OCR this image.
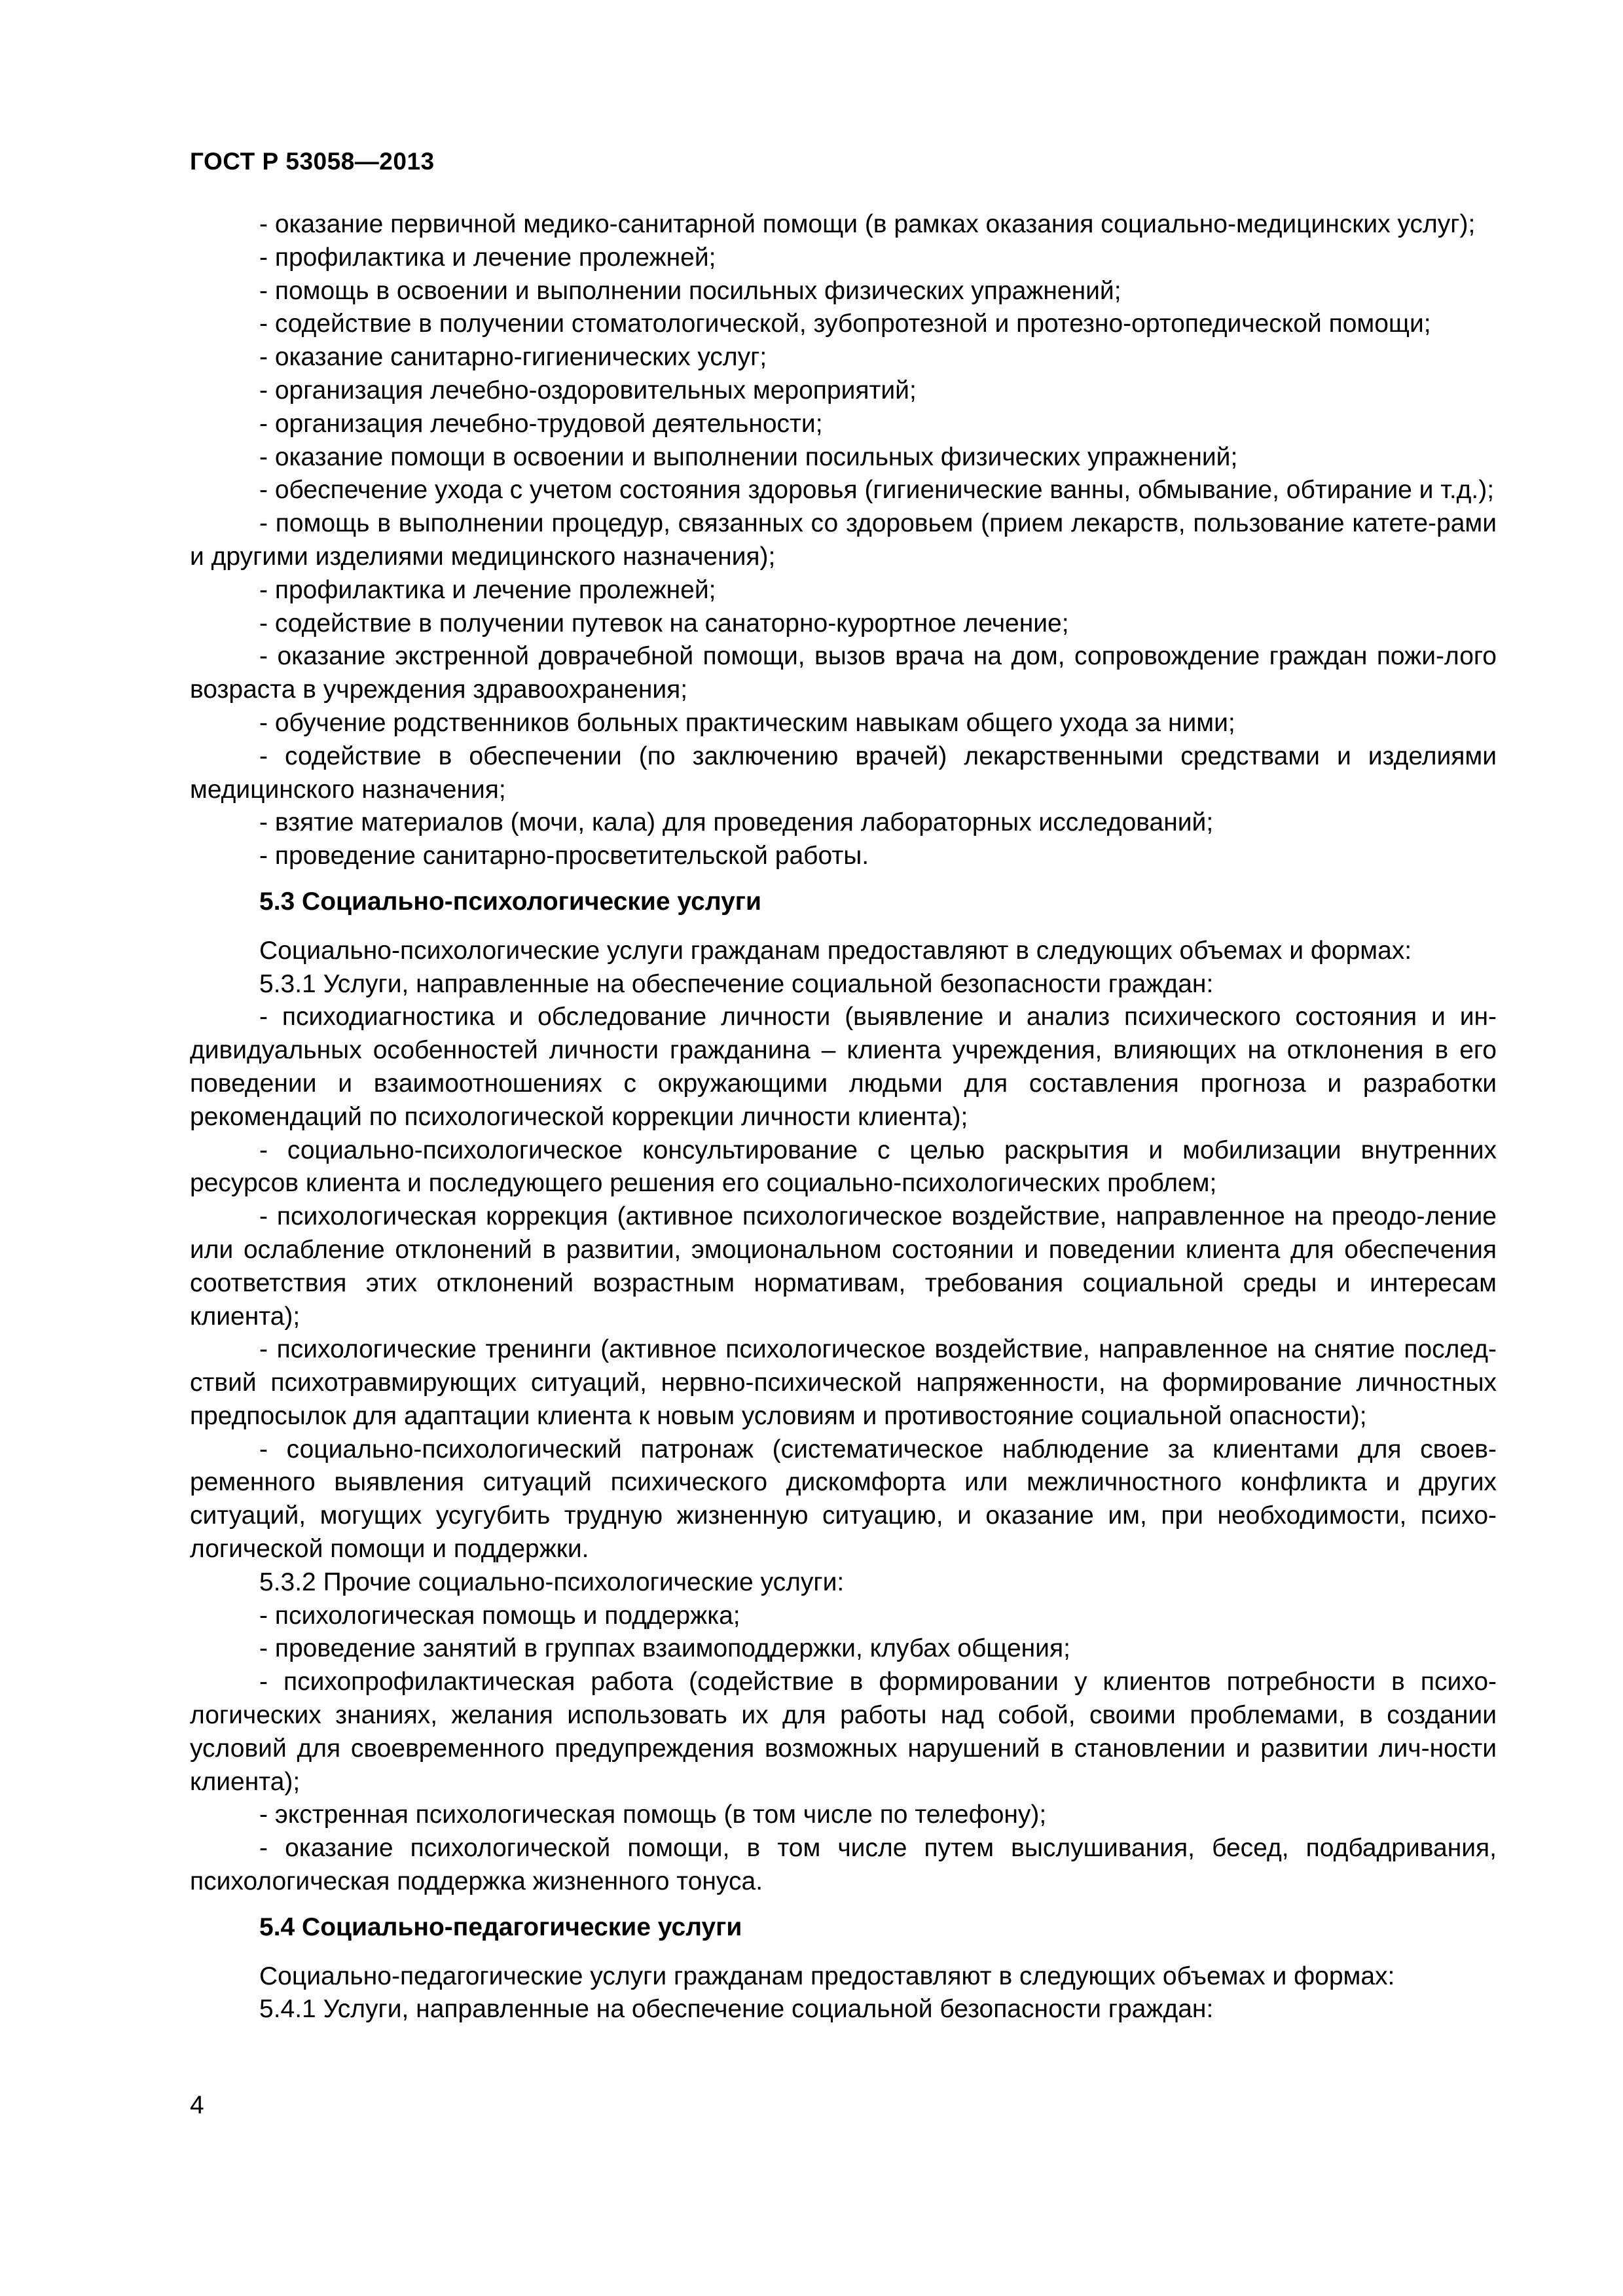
ГОСТ Р 53058—2013

- оказание первичной медико-санитарной помощи (в рамках оказания социально-медицинских услуг);

- профилактика и лечение пролежней;

- помощь в освоении и выполнении посильных физических упражнений;

- содействие в получении стоматологической, зубопротезной и протезно-ортопедической помощи;

- оказание санитарно-гигиенических услуг;

- организация лечебно-оздоровительных мероприятий;

- организация лечебно-трудовой деятельности;

- оказание помощи в освоении и выполнении посильных физических упражнений;

- обеспечение ухода с учетом состояния здоровья (гигиенические ванны, обмывание, обтирание и т.д.);

- помощь в выполнении процедур, связанных со здоровьем (прием лекарств, пользование катете-рами и другими изделиями медицинского назначения);

- профилактика и лечение пролежней;

- содействие в получении путевок на санаторно-курортное лечение;

- оказание экстренной доврачебной помощи, вызов врача на дом, сопровождение граждан пожи-лого возраста в учреждения здравоохранения;

- обучение родственников больных практическим навыкам общего ухода за ними;

- содействие в обеспечении (по заключению врачей) лекарственными средствами и изделиями медицинского назначения;

- взятие материалов (мочи, кала) для проведения лабораторных исследований;

- проведение санитарно-просветительской работы.

5.3 Социально-психологические услуги

Социально-психологические услуги гражданам предоставляют в следующих объемах и формах:

5.3.1 Услуги, направленные на обеспечение социальной безопасности граждан:

- психодиагностика и обследование личности (выявление и анализ психического состояния и ин-дивидуальных особенностей личности гражданина – клиента учреждения, влияющих на отклонения в его поведении и взаимоотношениях с окружающими людьми для составления прогноза и разработки рекомендаций по психологической коррекции личности клиента);

- социально-психологическое консультирование с целью раскрытия и мобилизации внутренних ресурсов клиента и последующего решения его социально-психологических проблем;

- психологическая коррекция (активное психологическое воздействие, направленное на преодо-ление или ослабление отклонений в развитии, эмоциональном состоянии и поведении клиента для обеспечения соответствия этих отклонений возрастным нормативам, требования социальной среды и интересам клиента);

- психологические тренинги (активное психологическое воздействие, направленное на снятие послед-ствий психотравмирующих ситуаций, нервно-психической напряженности, на формирование личностных предпосылок для адаптации клиента к новым условиям и противостояние социальной опасности);

- социально-психологический патронаж (систематическое наблюдение за клиентами для своев-ременного выявления ситуаций психического дискомфорта или межличностного конфликта и других ситуаций, могущих усугубить трудную жизненную ситуацию, и оказание им, при необходимости, психо-логической помощи и поддержки.

5.3.2 Прочие социально-психологические услуги:

- психологическая помощь и поддержка;

- проведение занятий в группах взаимоподдержки, клубах общения;

- психопрофилактическая работа (содействие в формировании у клиентов потребности в психо-логических знаниях, желания использовать их для работы над собой, своими проблемами, в создании условий для своевременного предупреждения возможных нарушений в становлении и развитии лич-ности клиента);

- экстренная психологическая помощь (в том числе по телефону);

- оказание психологической помощи, в том числе путем выслушивания, бесед, подбадривания, психологическая поддержка жизненного тонуса.

5.4 Социально-педагогические услуги

Социально-педагогические услуги гражданам предоставляют в следующих объемах и формах:

5.4.1 Услуги, направленные на обеспечение социальной безопасности граждан:

4
